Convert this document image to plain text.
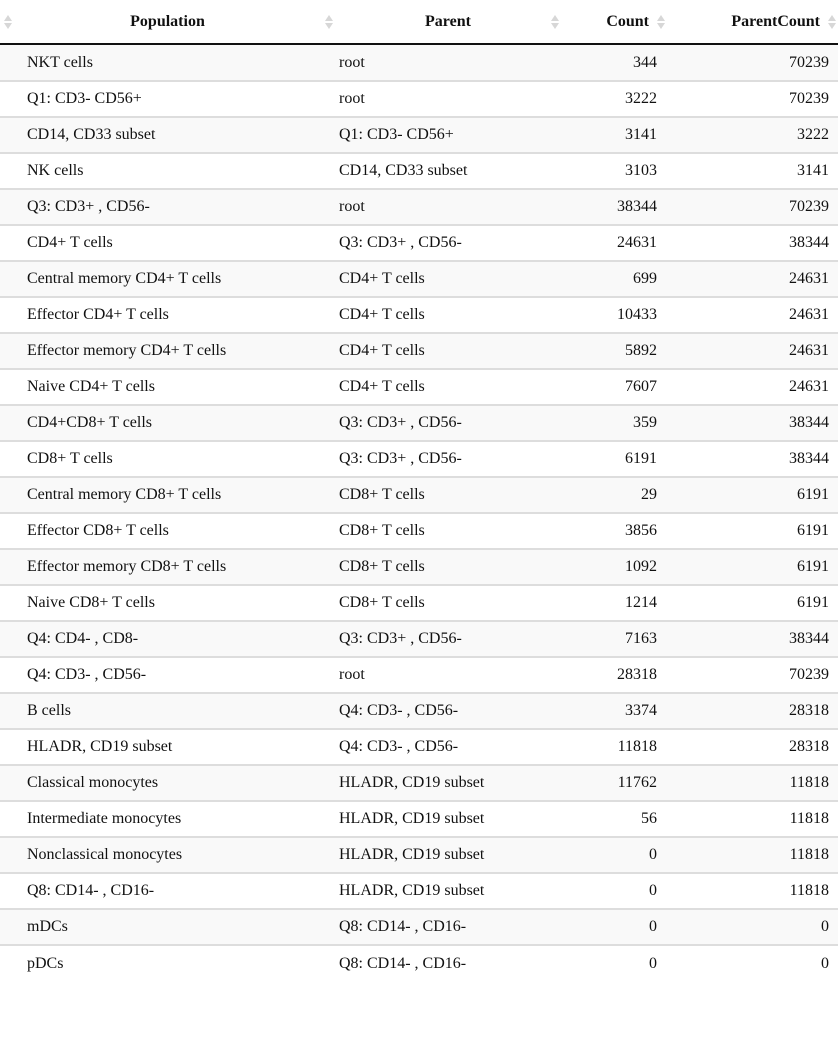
Population	Parent	Count	ParentCount

NKT cells	root	344	70239
Q1: CD3- CD56+	root	3222	70239
CD14, CD33 subset	Q1: CD3- CD56+	3141	3222
NK cells	CD14, CD33 subset	3103	3141
Q3: CD3+ , CD56-	root	38344	70239
CD4+ T cells	Q3: CD3+ , CD56-	24631	38344
Central memory CD4+ T cells	CD4+ T cells	699	24631
Effector CD4+ T cells	CD4+ T cells	10433	24631
Effector memory CD4+ T cells	CD4+ T cells	5892	24631
Naive CD4+ T cells	CD4+ T cells	7607	24631
CD4+CD8+ T cells	Q3: CD3+ , CD56-	359	38344
CD8+ T cells	Q3: CD3+ , CD56-	6191	38344
Central memory CD8+ T cells	CD8+ T cells	29	6191
Effector CD8+ T cells	CD8+ T cells	3856	6191
Effector memory CD8+ T cells	CD8+ T cells	1092	6191
Naive CD8+ T cells	CD8+ T cells	1214	6191
Q4: CD4- , CD8-	Q3: CD3+ , CD56-	7163	38344
Q4: CD3- , CD56-	root	28318	70239
B cells	Q4: CD3- , CD56-	3374	28318
HLADR, CD19 subset	Q4: CD3- , CD56-	11818	28318
Classical monocytes	HLADR, CD19 subset	11762	11818
Intermediate monocytes	HLADR, CD19 subset	56	11818
Nonclassical monocytes	HLADR, CD19 subset	0	11818
Q8: CD14- , CD16-	HLADR, CD19 subset	0	11818
mDCs	Q8: CD14- , CD16-	0	0
pDCs	Q8: CD14- , CD16-	0	0
